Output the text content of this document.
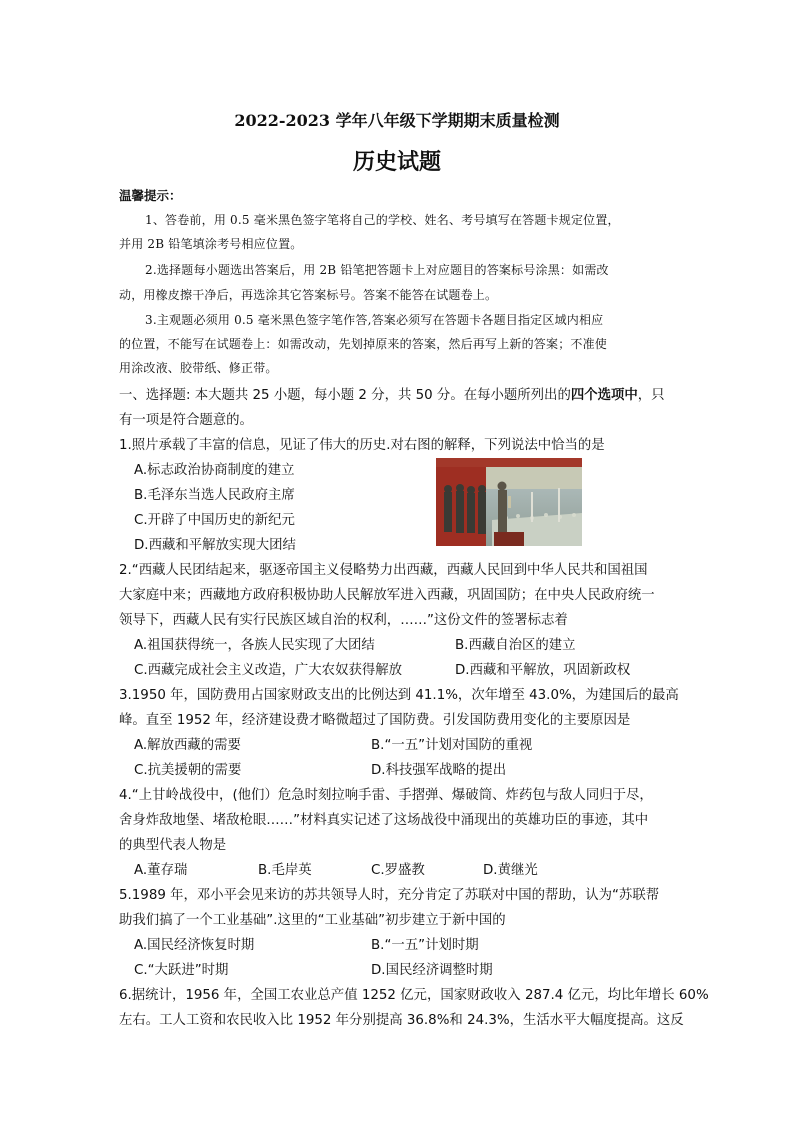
2022-2023 学年八年级下学期期末质量检测
历史试题
温馨提示：
1、答卷前，用 0.5 毫米黑色签字笔将自己的学校、姓名、考号填写在答题卡规定位置，
并用 2B 铅笔填涂考号相应位置。
2.选择题每小题选出答案后，用 2B 铅笔把答题卡上对应题目的答案标号涂黑：如需改
动，用橡皮擦干净后，再选涂其它答案标号。答案不能答在试题卷上。
3.主观题必须用 0.5 毫米黑色签字笔作答,答案必须写在答题卡各题目指定区域内相应
的位置，不能写在试题卷上：如需改动，先划掉原来的答案，然后再写上新的答案；不准使
用涂改液、胶带纸、修正带。
一、选择题: 本大题共 25 小题，每小题 2 分，共 50 分。在每小题所列出的四个选项中，只
有一项是符合题意的。
1.照片承载了丰富的信息，见证了伟大的历史.对右图的解释，下列说法中恰当的是
A.标志政治协商制度的建立
B.毛泽东当选人民政府主席
C.开辟了中国历史的新纪元
D.西藏和平解放实现大团结
2.“西藏人民团结起来，驱逐帝国主义侵略势力出西藏，西藏人民回到中华人民共和国祖国
大家庭中来；西藏地方政府积极协助人民解放军进入西藏，巩固国防；在中央人民政府统一
领导下，西藏人民有实行民族区域自治的权利，……”这份文件的签署标志着
A.祖国获得统一，各族人民实现了大团结	B.西藏自治区的建立
C.西藏完成社会主义改造，广大农奴获得解放	D.西藏和平解放，巩固新政权
3.1950 年，国防费用占国家财政支出的比例达到 41.1%，次年增至 43.0%，为建国后的最高
峰。直至 1952 年，经济建设费才略微超过了国防费。引发国防费用变化的主要原因是
A.解放西藏的需要	B.“一五”计划对国防的重视
C.抗美援朝的需要	D.科技强军战略的提出
4.“上甘岭战役中，(他们）危急时刻拉响手雷、手摺弹、爆破筒、炸药包与敌人同归于尽，
舍身炸敌地堡、堵敌枪眼……”材料真实记述了这场战役中涌现出的英雄功臣的事迹，其中
的典型代表人物是
A.董存瑞	B.毛岸英	C.罗盛教	D.黄继光
5.1989 年，邓小平会见来访的苏共领导人时，充分肯定了苏联对中国的帮助，认为“苏联帮
助我们搞了一个工业基础”.这里的“工业基础”初步建立于新中国的
A.国民经济恢复时期	B.“一五”计划时期
C.“大跃进”时期	D.国民经济调整时期
6.据统计，1956 年，全国工农业总产值 1252 亿元，国家财政收入 287.4 亿元，均比年增长 60%
左右。工人工资和农民收入比 1952 年分别提高 36.8%和 24.3%，生活水平大幅度提高。这反
